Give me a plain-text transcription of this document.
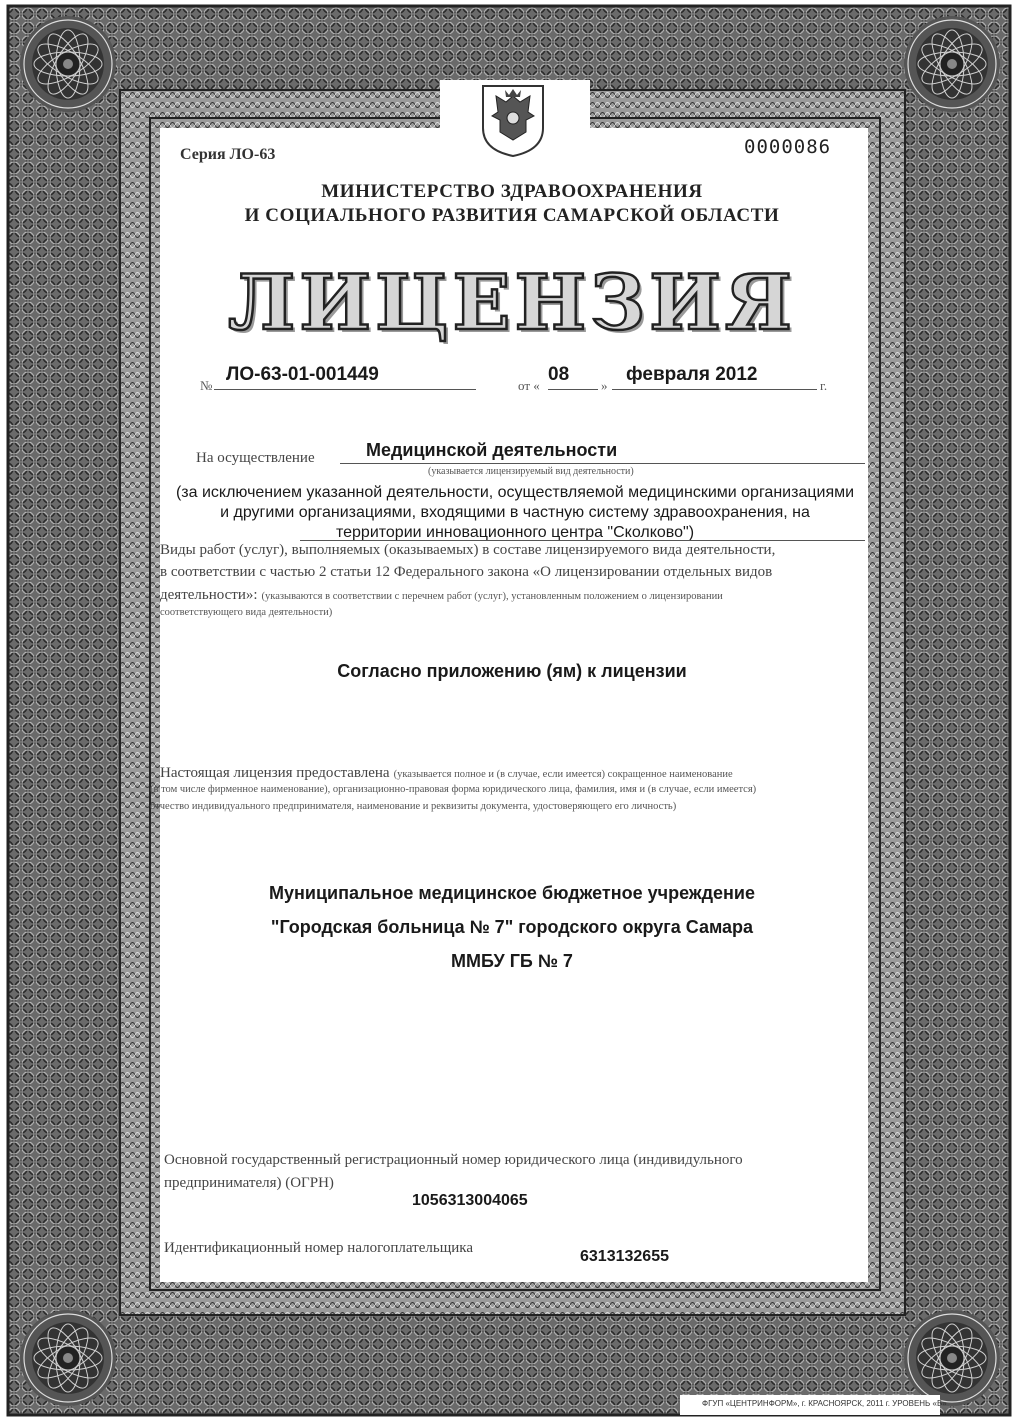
Серия ЛО-63	0000086
МИНИСТЕРСТВО ЗДРАВООХРАНЕНИЯ
И СОЦИАЛЬНОГО РАЗВИТИЯ САМАРСКОЙ ОБЛАСТИ
ЛИЦЕНЗИЯ
№
ЛО-63-01-001449
от «
08
»
февраля 2012
г.
На осуществление	Медицинской деятельности
(указывается лицензируемый вид деятельности)
(за исключением указанной деятельности, осуществляемой медицинскими организациями
и другими организациями, входящими в частную систему здравоохранения, на
территории инновационного центра "Сколково")
Виды работ (услуг), выполняемых (оказываемых) в составе лицензируемого вида деятельности,
в соответствии с частью 2 статьи 12 Федерального закона «О лицензировании отдельных видов
деятельности»: (указываются в соответствии с перечнем работ (услуг), установленным положением о лицензировании
соответствующего вида деятельности)
Согласно приложению (ям) к лицензии
Настоящая лицензия предоставлена (указывается полное и (в случае, если имеется) сокращенное наименование
(в том числе фирменное наименование), организационно-правовая форма юридического лица, фамилия, имя и (в случае, если имеется)
отчество индивидуального предпринимателя, наименование и реквизиты документа, удостоверяющего его личность)
Муниципальное медицинское бюджетное учреждение
"Городская больница № 7" городского округа Самара
ММБУ ГБ № 7
Основной государственный регистрационный номер юридического лица (индивидульного
предпринимателя) (ОГРН)
1056313004065
Идентификационный номер налогоплательщика	6313132655
ФГУП «ЦЕНТРИНФОРМ», г. КРАСНОЯРСК, 2011 г. УРОВЕНЬ «Б»
